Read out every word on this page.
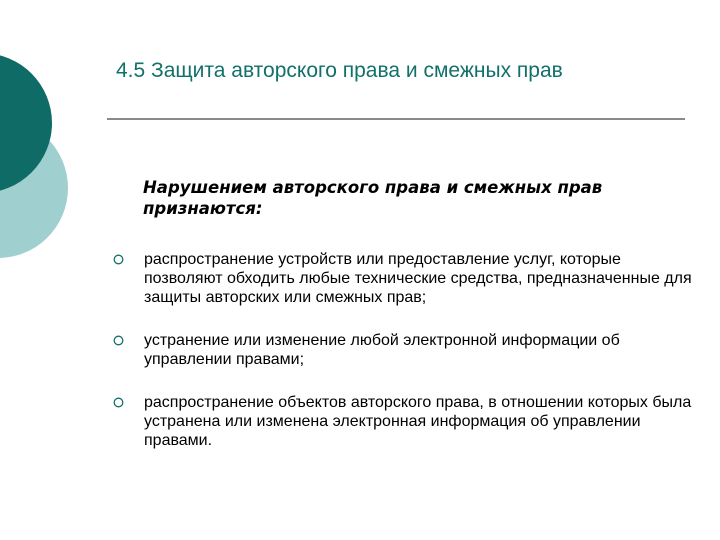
4.5 Защита авторского права и смежных прав
Нарушением авторского права и смежных прав признаются:
распространение устройств или предоставление услуг, которые позволяют обходить любые технические средства, предназначенные для защиты авторских или смежных прав;
устранение или изменение любой электронной информации об управлении правами;
распространение объектов авторского права, в отношении которых была устранена или изменена электронная информация об управлении правами.
